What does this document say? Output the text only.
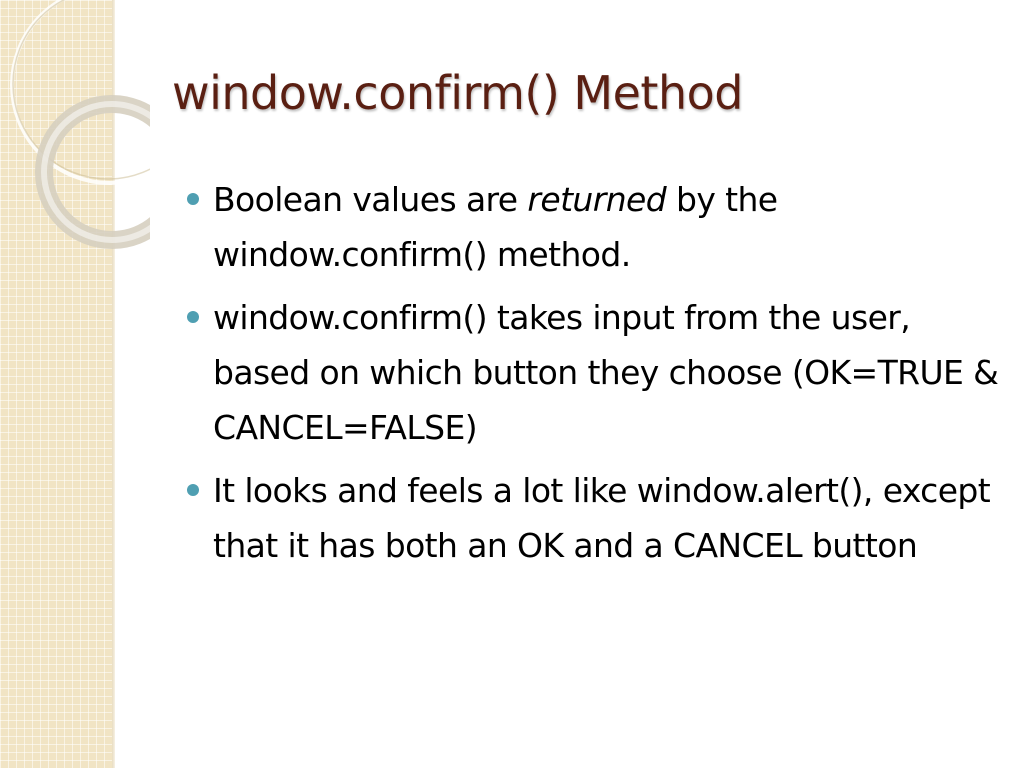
window.confirm() Method
Boolean values are returned by the window.confirm() method.
window.confirm() takes input from the user, based on which button they choose (OK=TRUE & CANCEL=FALSE)
It looks and feels a lot like window.alert(), except that it has both an OK and a CANCEL button
